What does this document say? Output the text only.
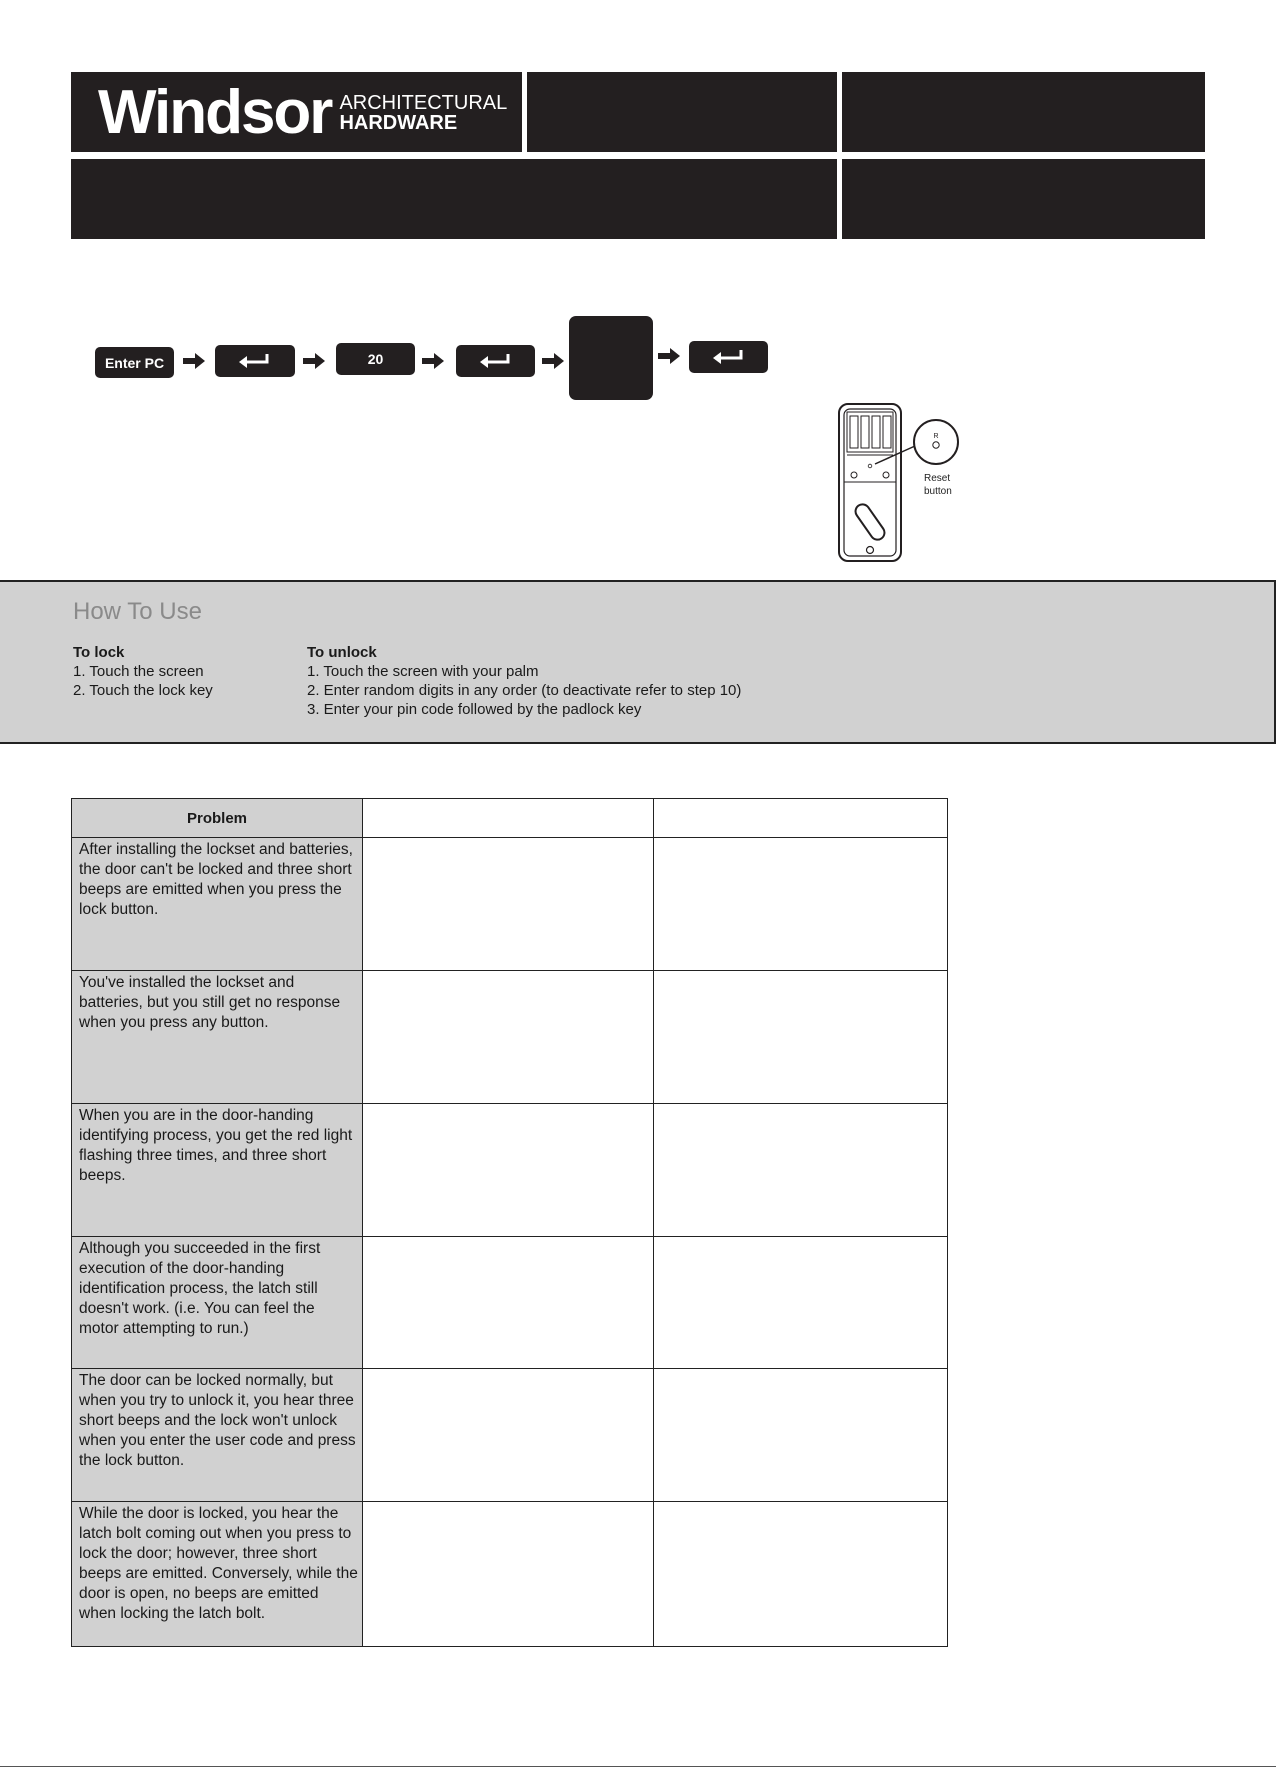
Windsor ARCHITECTURAL
HARDWARE
Enter PC	20
R
Reset
button
How To Use
To lock
1. Touch the screen
2. Touch the lock key
To unlock
1. Touch the screen with your palm
2. Enter random digits in any order (to deactivate refer to step 10)
3. Enter your pin code followed by the padlock key
Problem		
After installing the lockset and batteries, the door can't be locked and three short beeps are emitted when you press the lock button.		
You've installed the lockset and batteries, but you still get no response when you press any button.		
When you are in the door-handing identifying process, you get the red light flashing three times, and three short beeps.		
Although you succeeded in the first execution of the door-handing identification process, the latch still doesn't work. (i.e. You can feel the motor attempting to run.)		
The door can be locked normally, but when you try to unlock it, you hear three short beeps and the lock won't unlock when you enter the user code and press the lock button.		
While the door is locked, you hear the latch bolt coming out when you press to lock the door; however, three short beeps are emitted. Conversely, while the door is open, no beeps are emitted when locking the latch bolt.		
